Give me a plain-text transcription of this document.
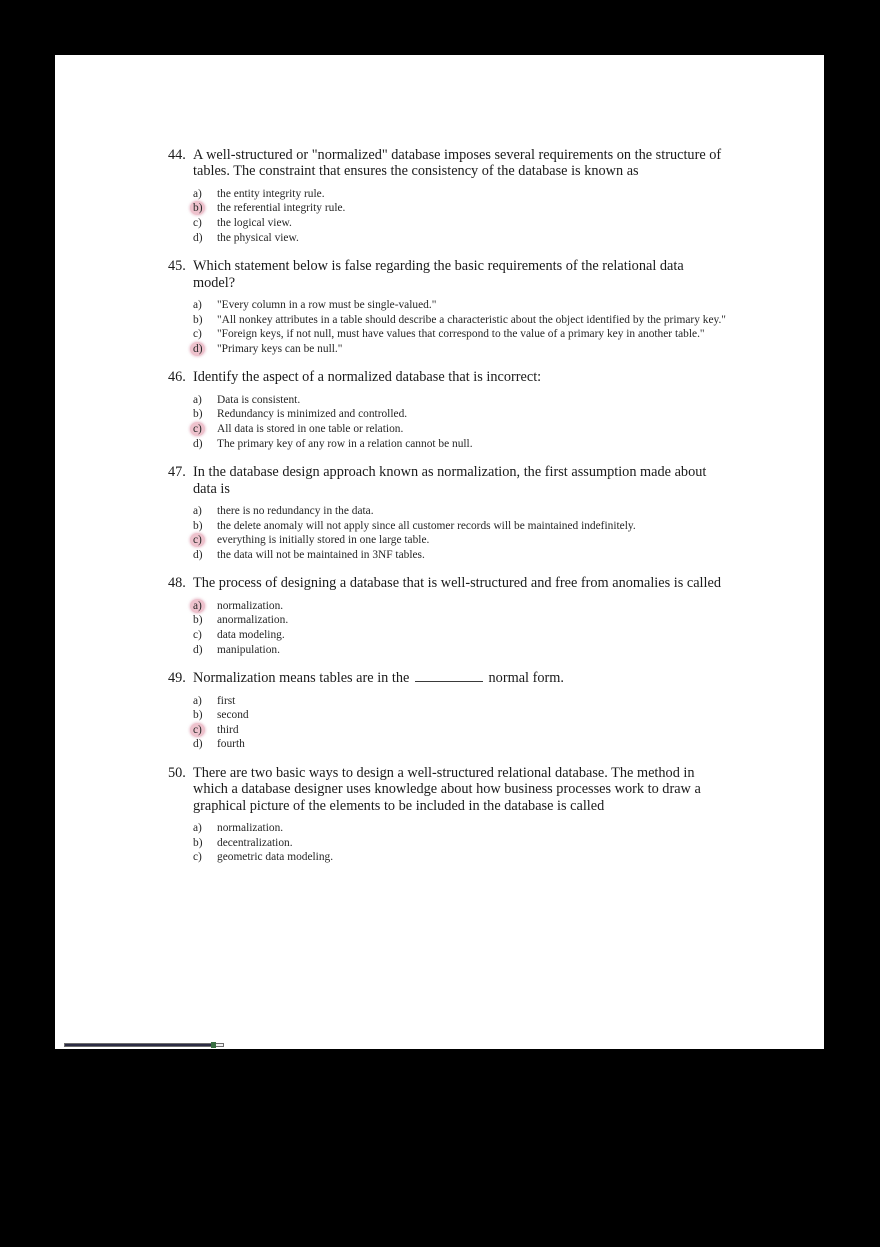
44. A well-structured or "normalized" database imposes several requirements on the structure of tables. The constraint that ensures the consistency of the database is known as
a)	the entity integrity rule.
b)	the referential integrity rule.
c)	the logical view.
d)	the physical view.
45. Which statement below is false regarding the basic requirements of the relational data model?
a)	"Every column in a row must be single-valued."
b)	"All nonkey attributes in a table should describe a characteristic about the object identified by the primary key."
c)	"Foreign keys, if not null, must have values that correspond to the value of a primary key in another table."
d)	"Primary keys can be null."
46. Identify the aspect of a normalized database that is incorrect:
a)	Data is consistent.
b)	Redundancy is minimized and controlled.
c)	All data is stored in one table or relation.
d)	The primary key of any row in a relation cannot be null.
47. In the database design approach known as normalization, the first assumption made about data is
a)	there is no redundancy in the data.
b)	the delete anomaly will not apply since all customer records will be maintained indefinitely.
c)	everything is initially stored in one large table.
d)	the data will not be maintained in 3NF tables.
48. The process of designing a database that is well-structured and free from anomalies is called
a)	normalization.
b)	anormalization.
c)	data modeling.
d)	manipulation.
49. Normalization means tables are in the	normal form.
a)	first
b)	second
c)	third
d)	fourth
50. There are two basic ways to design a well-structured relational database. The method in which a database designer uses knowledge about how business processes work to draw a graphical picture of the elements to be included in the database is called
a)	normalization.
b)	decentralization.
c)	geometric data modeling.
